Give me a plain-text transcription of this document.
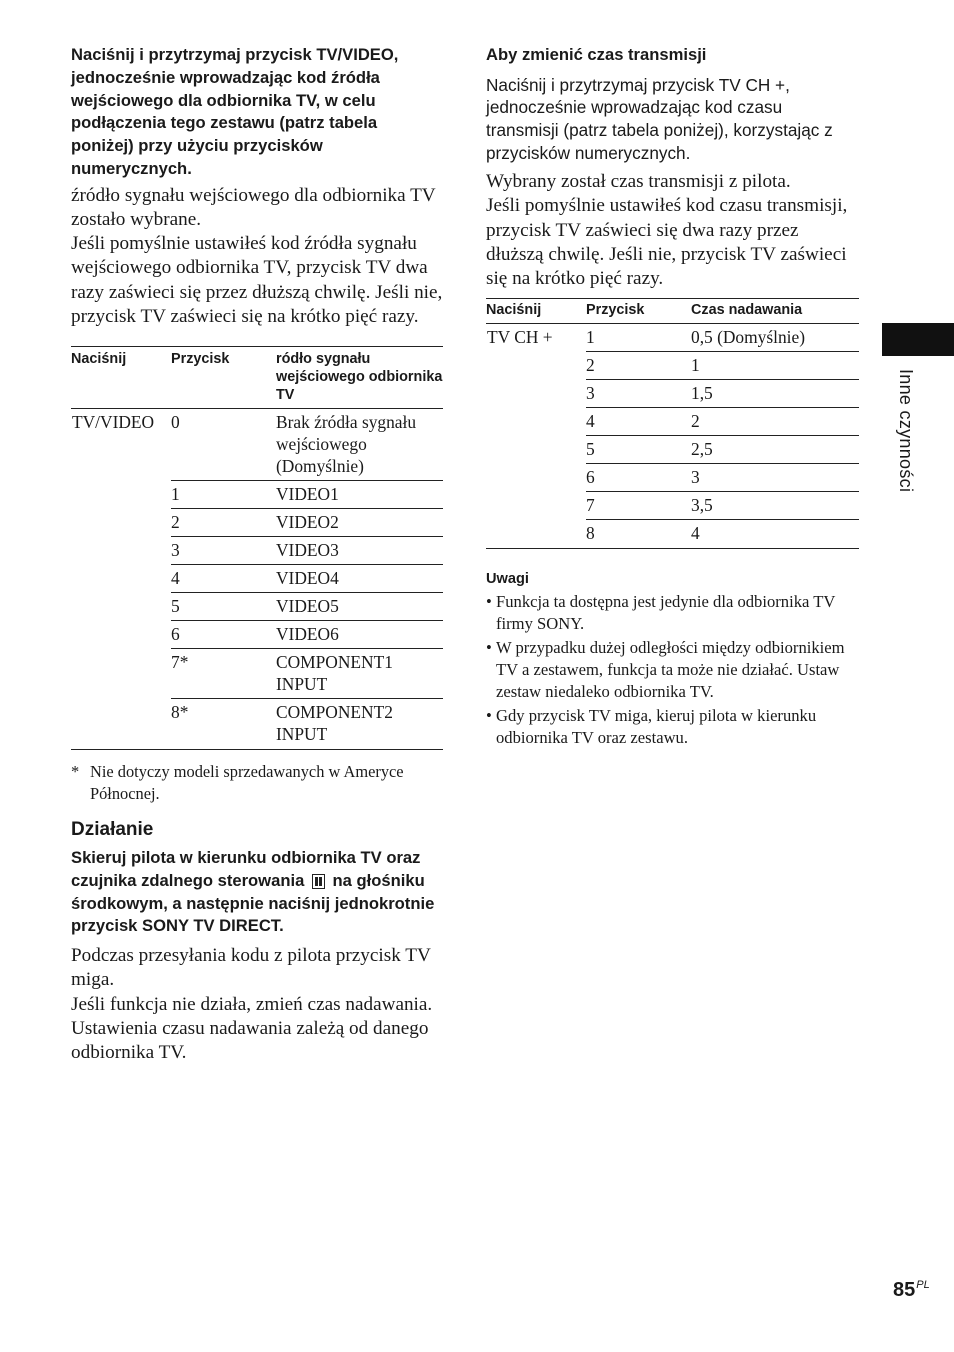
Naciśnij i przytrzymaj przycisk TV/VIDEO, jednocześnie wprowadzając kod źródła wejściowego dla odbiornika TV, w celu podłączenia tego zestawu (patrz tabela poniżej) przy użyciu przycisków numerycznych.

źródło sygnału wejściowego dla odbiornika TV zostało wybrane.

Jeśli pomyślnie ustawiłeś kod źródła sygnału wejściowego odbiornika TV, przycisk TV dwa razy zaświeci się przez dłuższą chwilę. Jeśli nie, przycisk TV zaświeci się na krótko pięć razy.

Naciśnij	Przycisk	ródło sygnału wejściowego odbiornika TV
TV/VIDEO	0	Brak źródła sygnału wejściowego (Domyślnie)
	1	VIDEO1
	2	VIDEO2
	3	VIDEO3
	4	VIDEO4
	5	VIDEO5
	6	VIDEO6
	7*	COMPONENT1 INPUT
	8*	COMPONENT2 INPUT

* Nie dotyczy modeli sprzedawanych w Ameryce Północnej.

Działanie

Skieruj pilota w kierunku odbiornika TV oraz czujnika zdalnego sterowania na głośniku środkowym, a następnie naciśnij jednokrotnie przycisk SONY TV DIRECT.

Podczas przesyłania kodu z pilota przycisk TV miga.

Jeśli funkcja nie działa, zmień czas nadawania. Ustawienia czasu nadawania zależą od danego odbiornika TV.

Aby zmienić czas transmisji

Naciśnij i przytrzymaj przycisk TV CH +, jednocześnie wprowadzając kod czasu transmisji (patrz tabela poniżej), korzystając z przycisków numerycznych.

Wybrany został czas transmisji z pilota.

Jeśli pomyślnie ustawiłeś kod czasu transmisji, przycisk TV zaświeci się dwa razy przez dłuższą chwilę. Jeśli nie, przycisk TV zaświeci się na krótko pięć razy.

Naciśnij	Przycisk	Czas nadawania
TV CH +	1	0,5 (Domyślnie)
	2	1
	3	1,5
	4	2
	5	2,5
	6	3
	7	3,5
	8	4

Uwagi

• Funkcja ta dostępna jest jedynie dla odbiornika TV firmy SONY.
• W przypadku dużej odległości między odbiornikiem TV a zestawem, funkcja ta może nie działać. Ustaw zestaw niedaleko odbiornika TV.
• Gdy przycisk TV miga, kieruj pilota w kierunku odbiornika TV oraz zestawu.
Inne czynności
$85^{PL}$
